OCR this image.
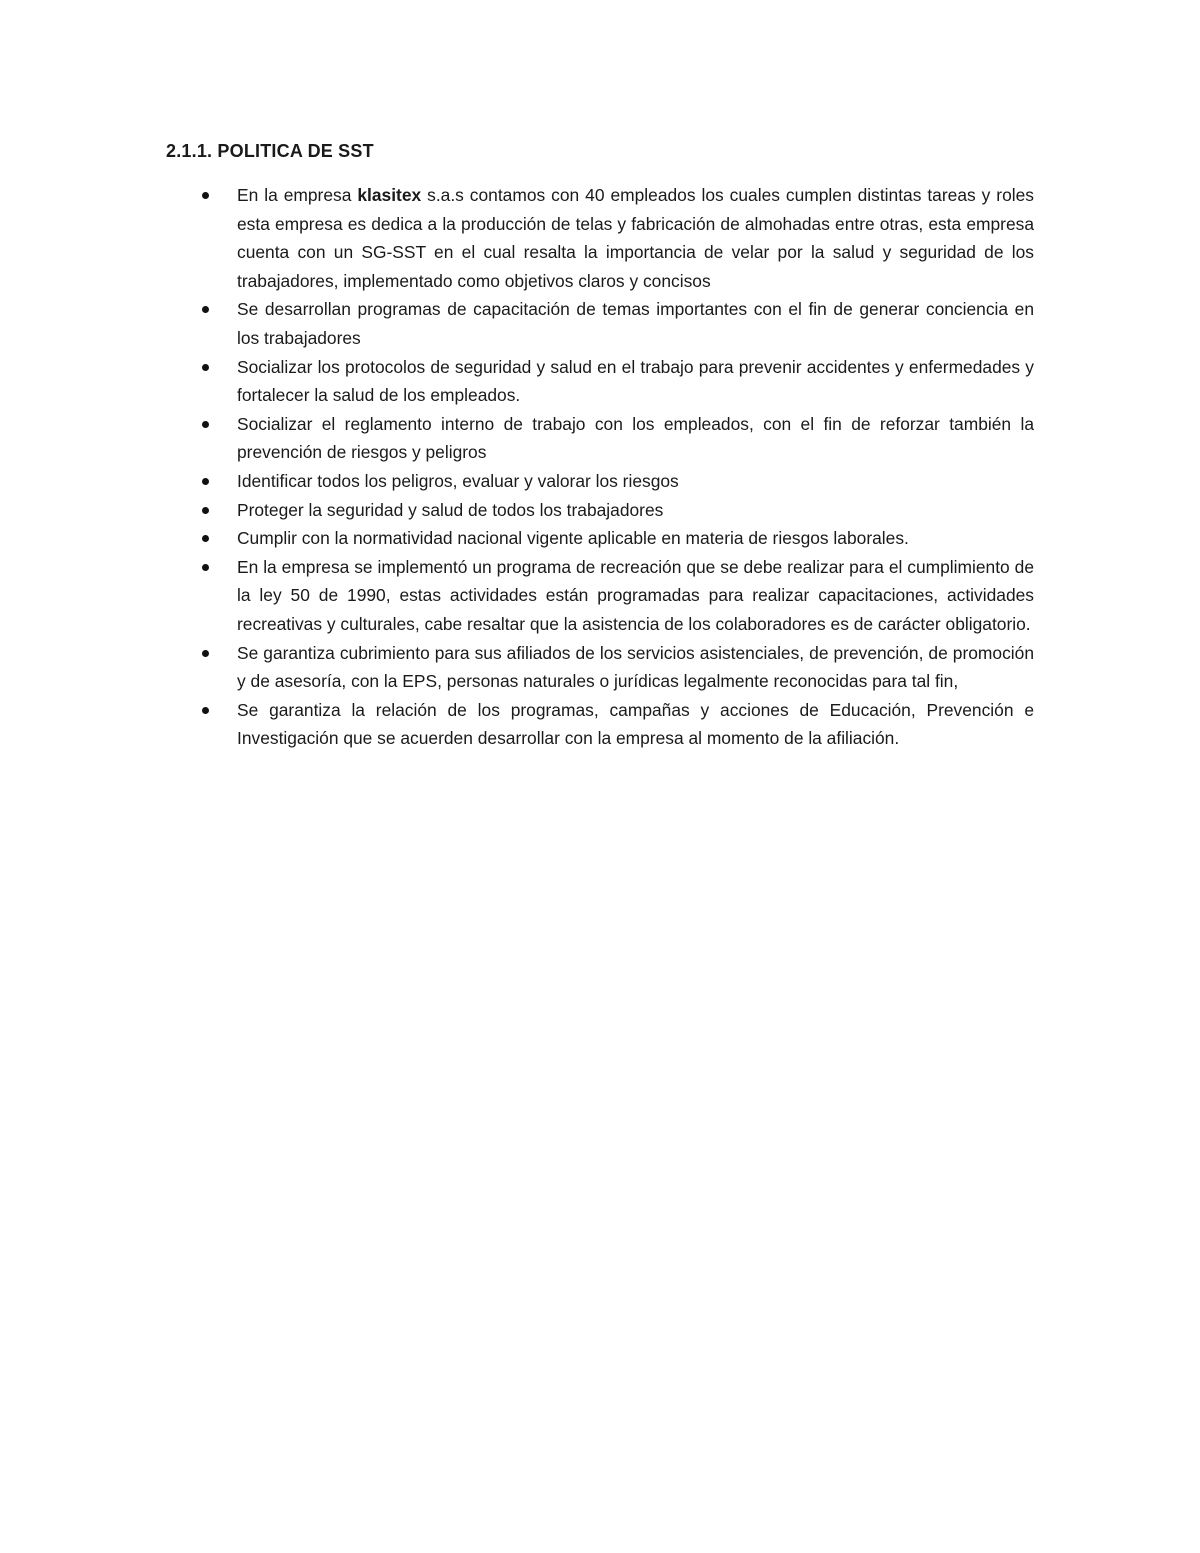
2.1.1. POLITICA DE SST
En la empresa klasitex s.a.s contamos con 40 empleados los cuales cumplen distintas tareas y roles esta empresa es dedica a la producción de telas y fabricación de almohadas entre otras, esta empresa cuenta con un SG-SST en el cual resalta la importancia de velar por la salud y seguridad de los trabajadores, implementado como objetivos claros y concisos
Se desarrollan programas de capacitación de temas importantes con el fin de generar conciencia en los trabajadores
Socializar los protocolos de seguridad y salud en el trabajo para prevenir accidentes y enfermedades y fortalecer la salud de los empleados.
Socializar el reglamento interno de trabajo con los empleados, con el fin de reforzar también la prevención de riesgos y peligros
Identificar todos los peligros, evaluar y valorar los riesgos
Proteger la seguridad y salud de todos los trabajadores
Cumplir con la normatividad nacional vigente aplicable en materia de riesgos laborales.
En la empresa se implementó un programa de recreación que se debe realizar para el cumplimiento de la ley 50 de 1990, estas actividades están programadas para realizar capacitaciones, actividades recreativas y culturales, cabe resaltar que la asistencia de los colaboradores es de carácter obligatorio.
Se garantiza cubrimiento para sus afiliados de los servicios asistenciales, de prevención, de promoción y de asesoría, con la EPS, personas naturales o jurídicas legalmente reconocidas para tal fin,
Se garantiza la relación de los programas, campañas y acciones de Educación, Prevención e Investigación que se acuerden desarrollar con la empresa al momento de la afiliación.
